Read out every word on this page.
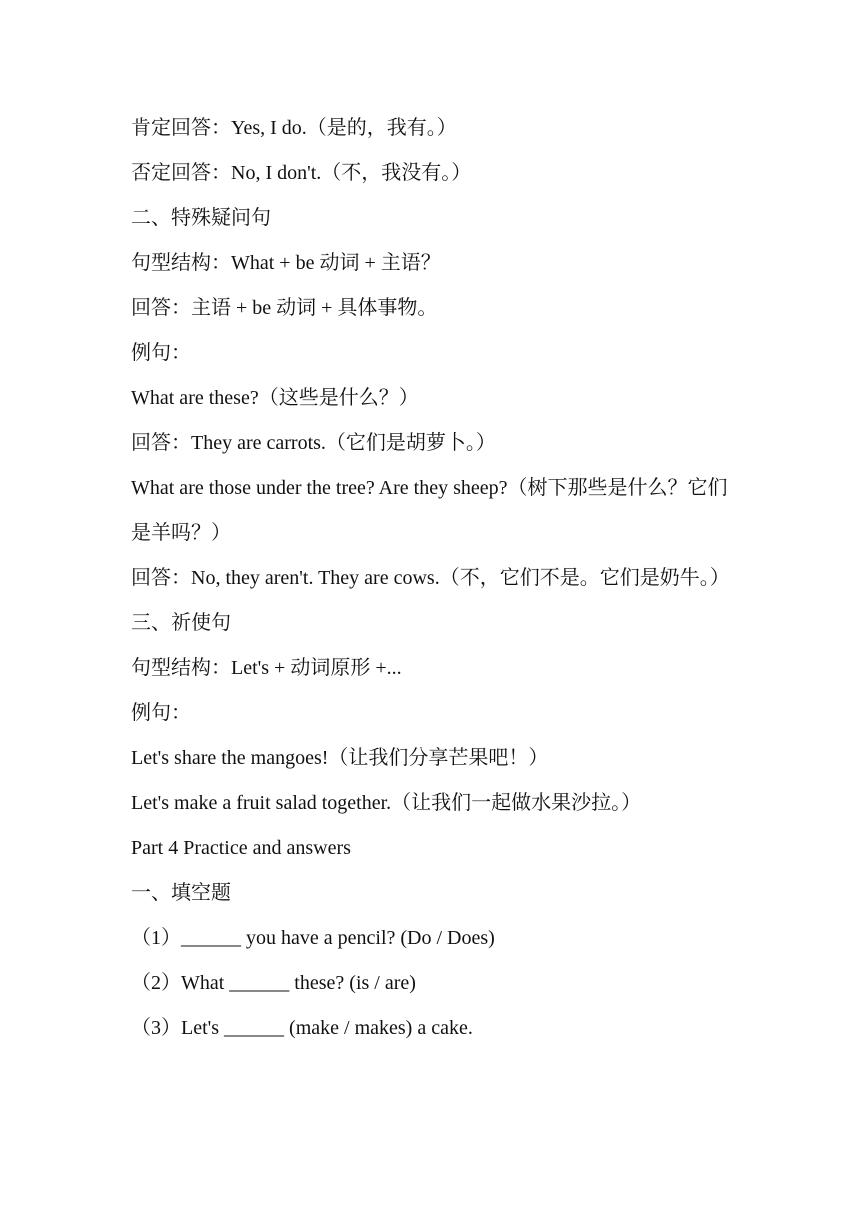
肯定回答：Yes, I do.（是的，我有。）
否定回答：No, I don't.（不，我没有。）
二、特殊疑问句
句型结构：What + be 动词 + 主语？
回答：主语 + be 动词 + 具体事物。
例句：
What are these?（这些是什么？）
回答：They are carrots.（它们是胡萝卜。）
What are those under the tree? Are they sheep?（树下那些是什么？它们是羊吗？）
回答：No, they aren't. They are cows.（不，它们不是。它们是奶牛。）
三、祈使句
句型结构：Let's + 动词原形 +...
例句：
Let's share the mangoes!（让我们分享芒果吧！）
Let's make a fruit salad together.（让我们一起做水果沙拉。）
Part 4 Practice and answers
一、填空题
（1）______ you have a pencil? (Do / Does)
（2）What ______ these? (is / are)
（3）Let's ______ (make / makes) a cake.
